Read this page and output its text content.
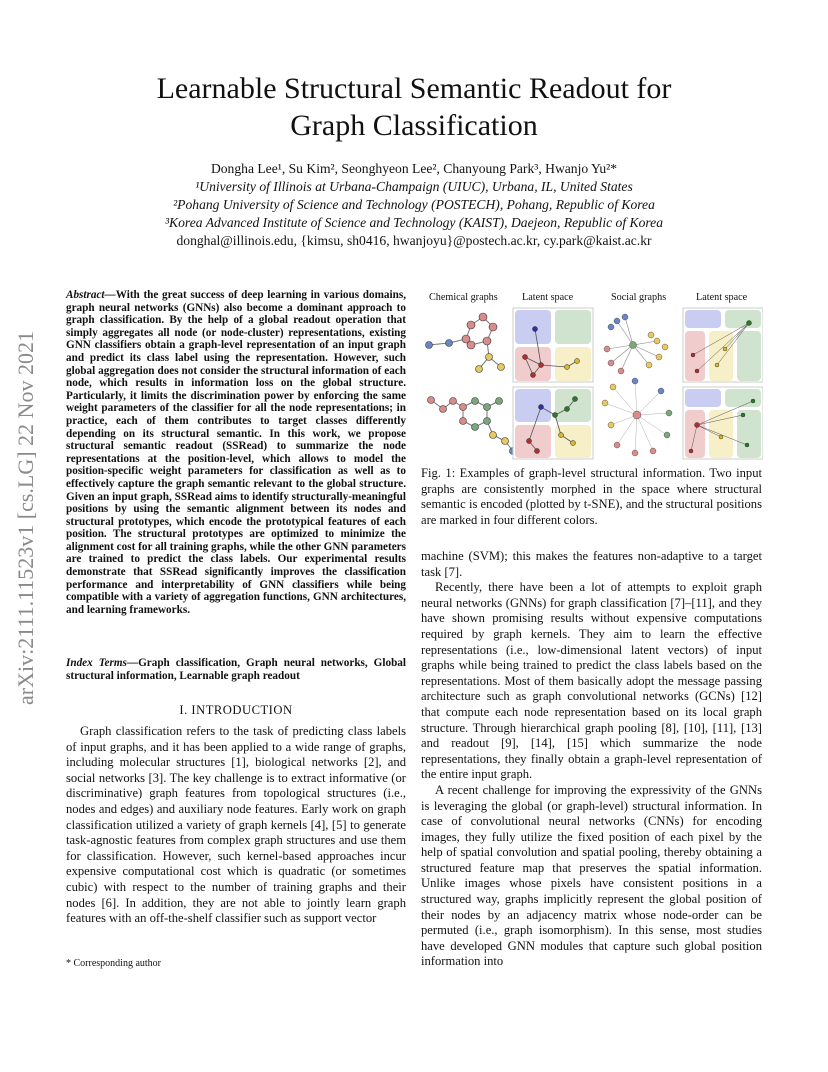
arXiv:2111.11523v1 [cs.LG] 22 Nov 2021
Learnable Structural Semantic Readout for
Graph Classification
Dongha Lee¹, Su Kim², Seonghyeon Lee², Chanyoung Park³, Hwanjo Yu²*
¹University of Illinois at Urbana-Champaign (UIUC), Urbana, IL, United States
²Pohang University of Science and Technology (POSTECH), Pohang, Republic of Korea
³Korea Advanced Institute of Science and Technology (KAIST), Daejeon, Republic of Korea
donghal@illinois.edu, {kimsu, sh0416, hwanjoyu}@postech.ac.kr, cy.park@kaist.ac.kr
Abstract—With the great success of deep learning in various domains, graph neural networks (GNNs) also become a dominant approach to graph classification. By the help of a global readout operation that simply aggregates all node (or node-cluster) representations, existing GNN classifiers obtain a graph-level representation of an input graph and predict its class label using the representation. However, such global aggregation does not consider the structural information of each node, which results in information loss on the global structure. Particularly, it limits the discrimination power by enforcing the same weight parameters of the classifier for all the node representations; in practice, each of them contributes to target classes differently depending on its structural semantic. In this work, we propose structural semantic readout (SSRead) to summarize the node representations at the position-level, which allows to model the position-specific weight parameters for classification as well as to effectively capture the graph semantic relevant to the global structure. Given an input graph, SSRead aims to identify structurally-meaningful positions by using the semantic alignment between its nodes and structural prototypes, which encode the prototypical features of each position. The structural prototypes are optimized to minimize the alignment cost for all training graphs, while the other GNN parameters are trained to predict the class labels. Our experimental results demonstrate that SSRead significantly improves the classification performance and interpretability of GNN classifiers while being compatible with a variety of aggregation functions, GNN architectures, and learning frameworks.
Index Terms—Graph classification, Graph neural networks, Global structural information, Learnable graph readout
I. INTRODUCTION
Graph classification refers to the task of predicting class labels of input graphs, and it has been applied to a wide range of graphs, including molecular structures [1], biological networks [2], and social networks [3]. The key challenge is to extract informative (or discriminative) graph features from topological structures (i.e., nodes and edges) and auxiliary node features. Early work on graph classification utilized a variety of graph kernels [4], [5] to generate task-agnostic features from complex graph structures and use them for classification. However, such kernel-based approaches incur expensive computational cost which is quadratic (or sometimes cubic) with respect to the number of training graphs and their nodes [6]. In addition, they are not able to jointly learn graph features with an off-the-shelf classifier such as support vector
* Corresponding author
Chemical graphs Latent space	Social graphs	Latent space
Fig. 1: Examples of graph-level structural information. Two input graphs are consistently morphed in the space where structural semantic is encoded (plotted by t-SNE), and the structural positions are marked in four different colors.

machine (SVM); this makes the features non-adaptive to a target task [7].

Recently, there have been a lot of attempts to exploit graph neural networks (GNNs) for graph classification [7]–[11], and they have shown promising results without expensive computations required by graph kernels. They aim to learn the effective representations (i.e., low-dimensional latent vectors) of input graphs while being trained to predict the class labels based on the representations. Most of them basically adopt the message passing architecture such as graph convolutional networks (GCNs) [12] that compute each node representation based on its local graph structure. Through hierarchical graph pooling [8], [10], [11], [13] and readout [9], [14], [15] which summarize the node representations, they finally obtain a graph-level representation of the entire input graph.

A recent challenge for improving the expressivity of the GNNs is leveraging the global (or graph-level) structural information. In case of convolutional neural networks (CNNs) for encoding images, they fully utilize the fixed position of each pixel by the help of spatial convolution and spatial pooling, thereby obtaining a structured feature map that preserves the spatial information. Unlike images whose pixels have consistent positions in a structured way, graphs implicitly represent the global position of their nodes by an adjacency matrix whose node-order can be permuted (i.e., graph isomorphism). In this sense, most studies have developed GNN modules that capture such global position information into
